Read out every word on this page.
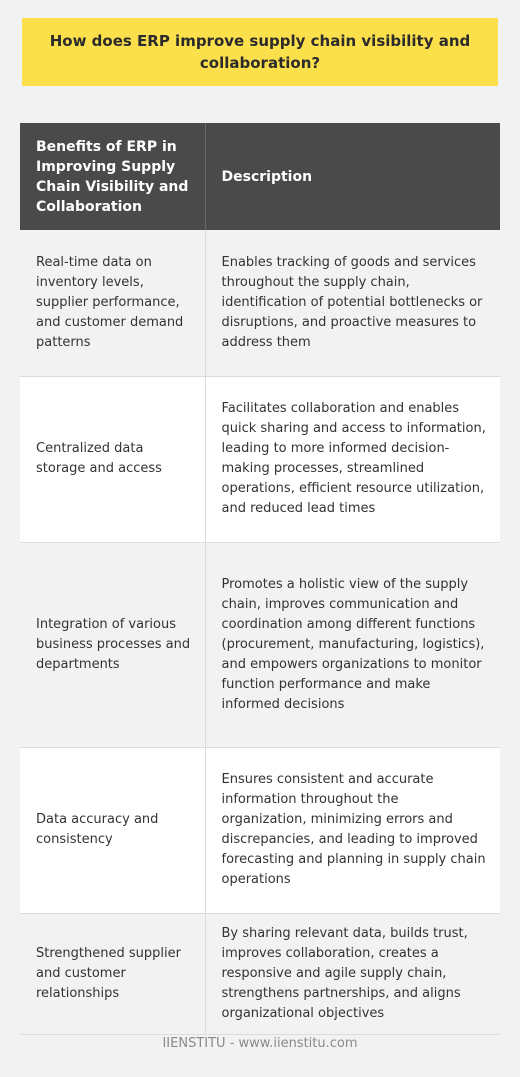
How does ERP improve supply chain visibility and collaboration?
Benefits of ERP in Improving Supply Chain Visibility and Collaboration	Description
Real-time data on inventory levels, supplier performance, and customer demand patterns	Enables tracking of goods and services throughout the supply chain, identification of potential bottlenecks or disruptions, and proactive measures to address them
Centralized data storage and access	Facilitates collaboration and enables quick sharing and access to information, leading to more informed decision-making processes, streamlined operations, efficient resource utilization, and reduced lead times
Integration of various business processes and departments	Promotes a holistic view of the supply chain, improves communication and coordination among different functions (procurement, manufacturing, logistics), and empowers organizations to monitor function performance and make informed decisions
Data accuracy and consistency	Ensures consistent and accurate information throughout the organization, minimizing errors and discrepancies, and leading to improved forecasting and planning in supply chain operations
Strengthened supplier and customer relationships	By sharing relevant data, builds trust, improves collaboration, creates a responsive and agile supply chain, strengthens partnerships, and aligns organizational objectives
IIENSTITU - www.iienstitu.com
